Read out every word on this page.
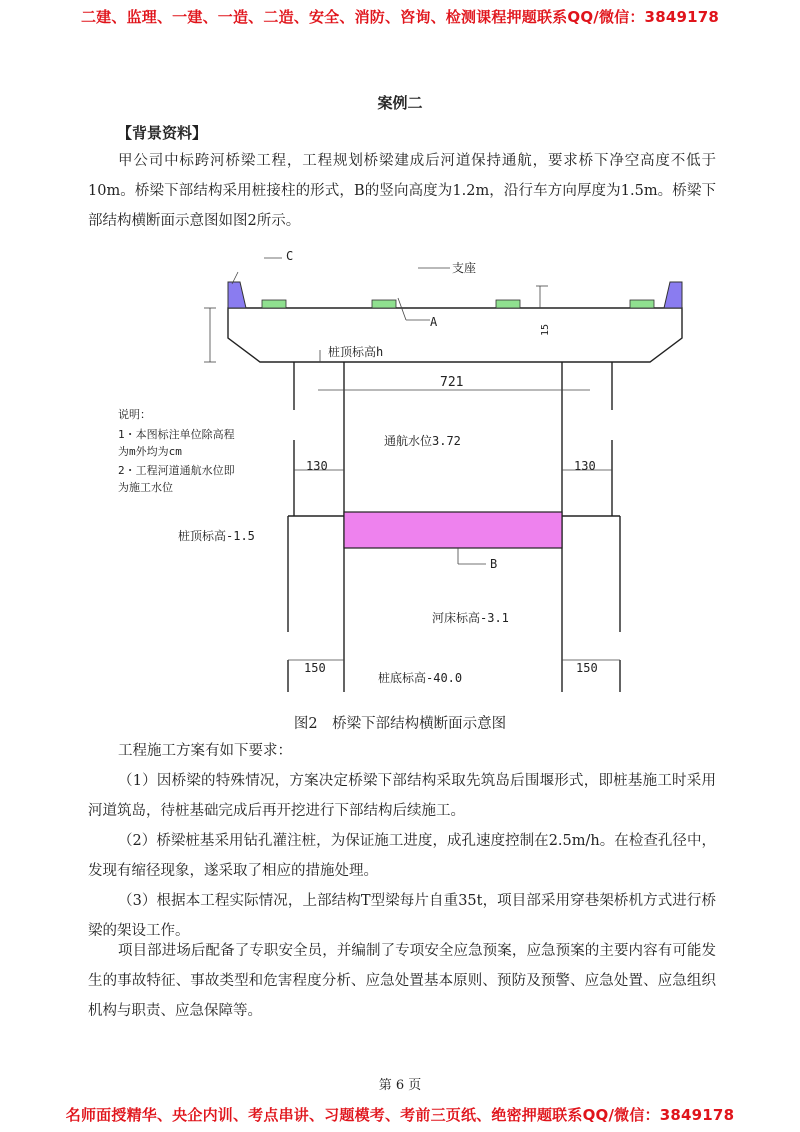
二建、监理、一建、一造、二造、安全、消防、咨询、检测课程押题联系QQ/微信：3849178
案例二
【背景资料】

甲公司中标跨河桥梁工程，工程规划桥梁建成后河道保持通航，要求桥下净空高度不低于10m。桥梁下部结构采用桩接柱的形式，B的竖向高度为1.2m，沿行车方向厚度为1.5m。桥梁下部结构横断面示意图如图2所示。

C
支座
A
15
桩顶标高h
721
通航水位3.72
130	130
桩顶标高-1.5
B
河床标高-3.1
150	150
桩底标高-40.0
说明：
1・本图标注单位除高程
为m外均为cm
2・工程河道通航水位即
为施工水位
图2　桥梁下部结构横断面示意图

工程施工方案有如下要求：

（1）因桥梁的特殊情况，方案决定桥梁下部结构采取先筑岛后围堰形式，即桩基施工时采用河道筑岛，待桩基础完成后再开挖进行下部结构后续施工。

（2）桥梁桩基采用钻孔灌注桩，为保证施工进度，成孔速度控制在2.5m/h。在检查孔径中，发现有缩径现象，遂采取了相应的措施处理。

（3）根据本工程实际情况，上部结构T型梁每片自重35t，项目部采用穿巷架桥机方式进行桥梁的架设工作。

项目部进场后配备了专职安全员，并编制了专项安全应急预案，应急预案的主要内容有可能发生的事故特征、事故类型和危害程度分析、应急处置基本原则、预防及预警、应急处置、应急组织机构与职责、应急保障等。

第 6 页
名师面授精华、央企内训、考点串讲、习题模考、考前三页纸、绝密押题联系QQ/微信：3849178
